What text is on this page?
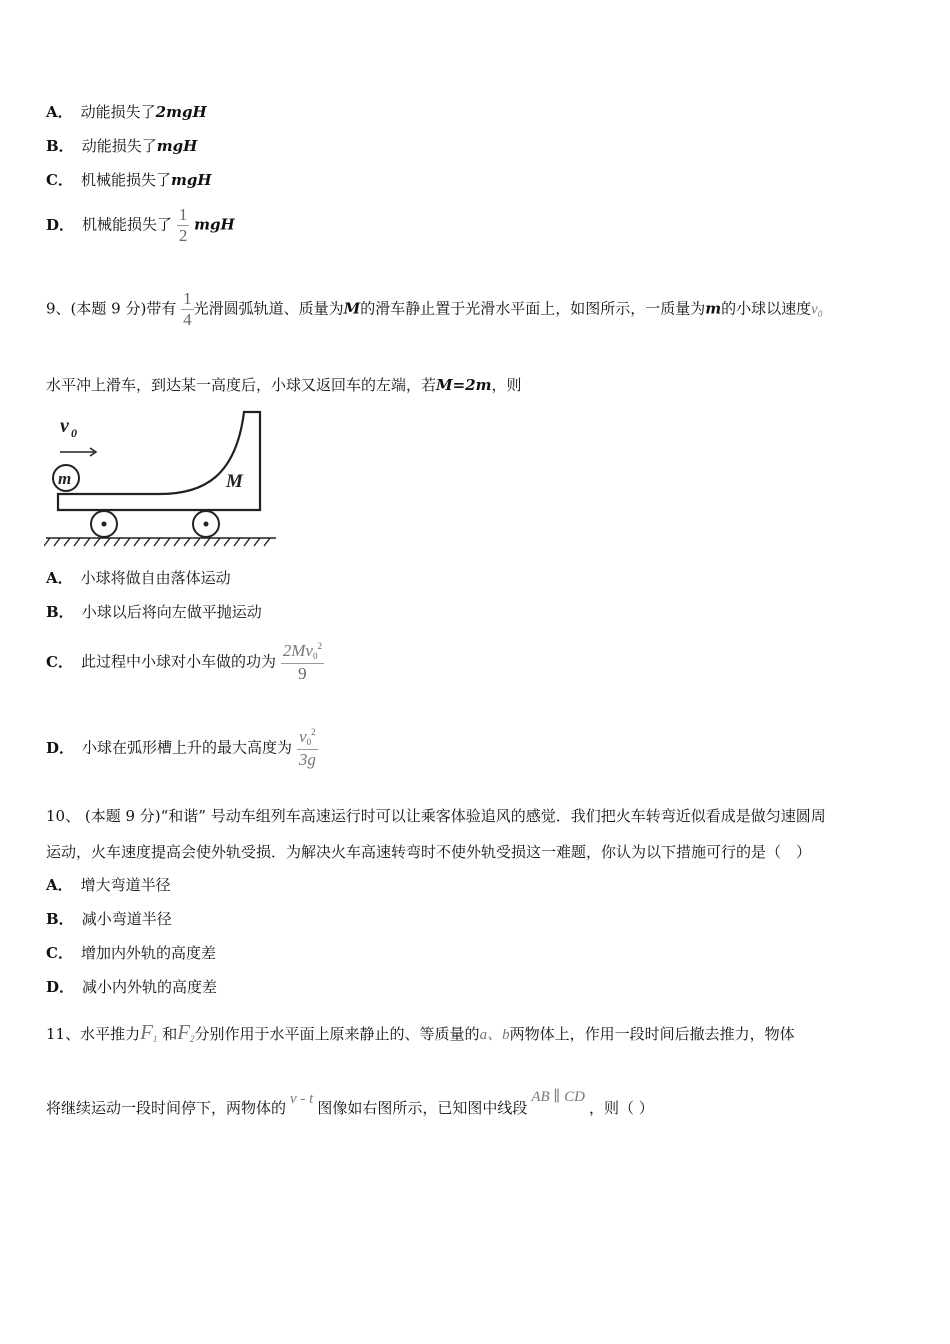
A． 动能损失了2mgH
B． 动能损失了mgH
C． 机械能损失了mgH
D． 机械能损失了 $\frac{1}{2}$ mgH
9、(本题 9 分)带有 $\frac{1}{4}$ 光滑圆弧轨道、质量为M的滑车静止置于光滑水平面上，如图所示，一质量为m的小球以速度$v_0$
水平冲上滑车，到达某一高度后，小球又返回车的左端，若M=2m，则
v 0
M
m
A． 小球将做自由落体运动
B． 小球以后将向左做平抛运动
C． 此过程中小球对小车做的功为 $\frac{2Mv0^2}{9}$
D． 小球在弧形槽上升的最大高度为 $\frac{v0^2}{3g}$
10、 (本题 9 分)“和谐” 号动车组列车高速运行时可以让乘客体验追风的感觉．我们把火车转弯近似看成是做匀速圆周
运动，火车速度提高会使外轨受损．为解决火车高速转弯时不使外轨受损这一难题，你认为以下措施可行的是（　）
A． 增大弯道半径
B． 减小弯道半径
C． 增加内外轨的高度差
D． 减小内外轨的高度差
11、水平推力$F_1$ 和$F_2$分别作用于水平面上原来静止的、等质量的a、b两物体上，作用一段时间后撤去推力，物体
将继续运动一段时间停下，两物体的 v - t 图像如右图所示，已知图中线段AB ∥ CD，则（ ）
